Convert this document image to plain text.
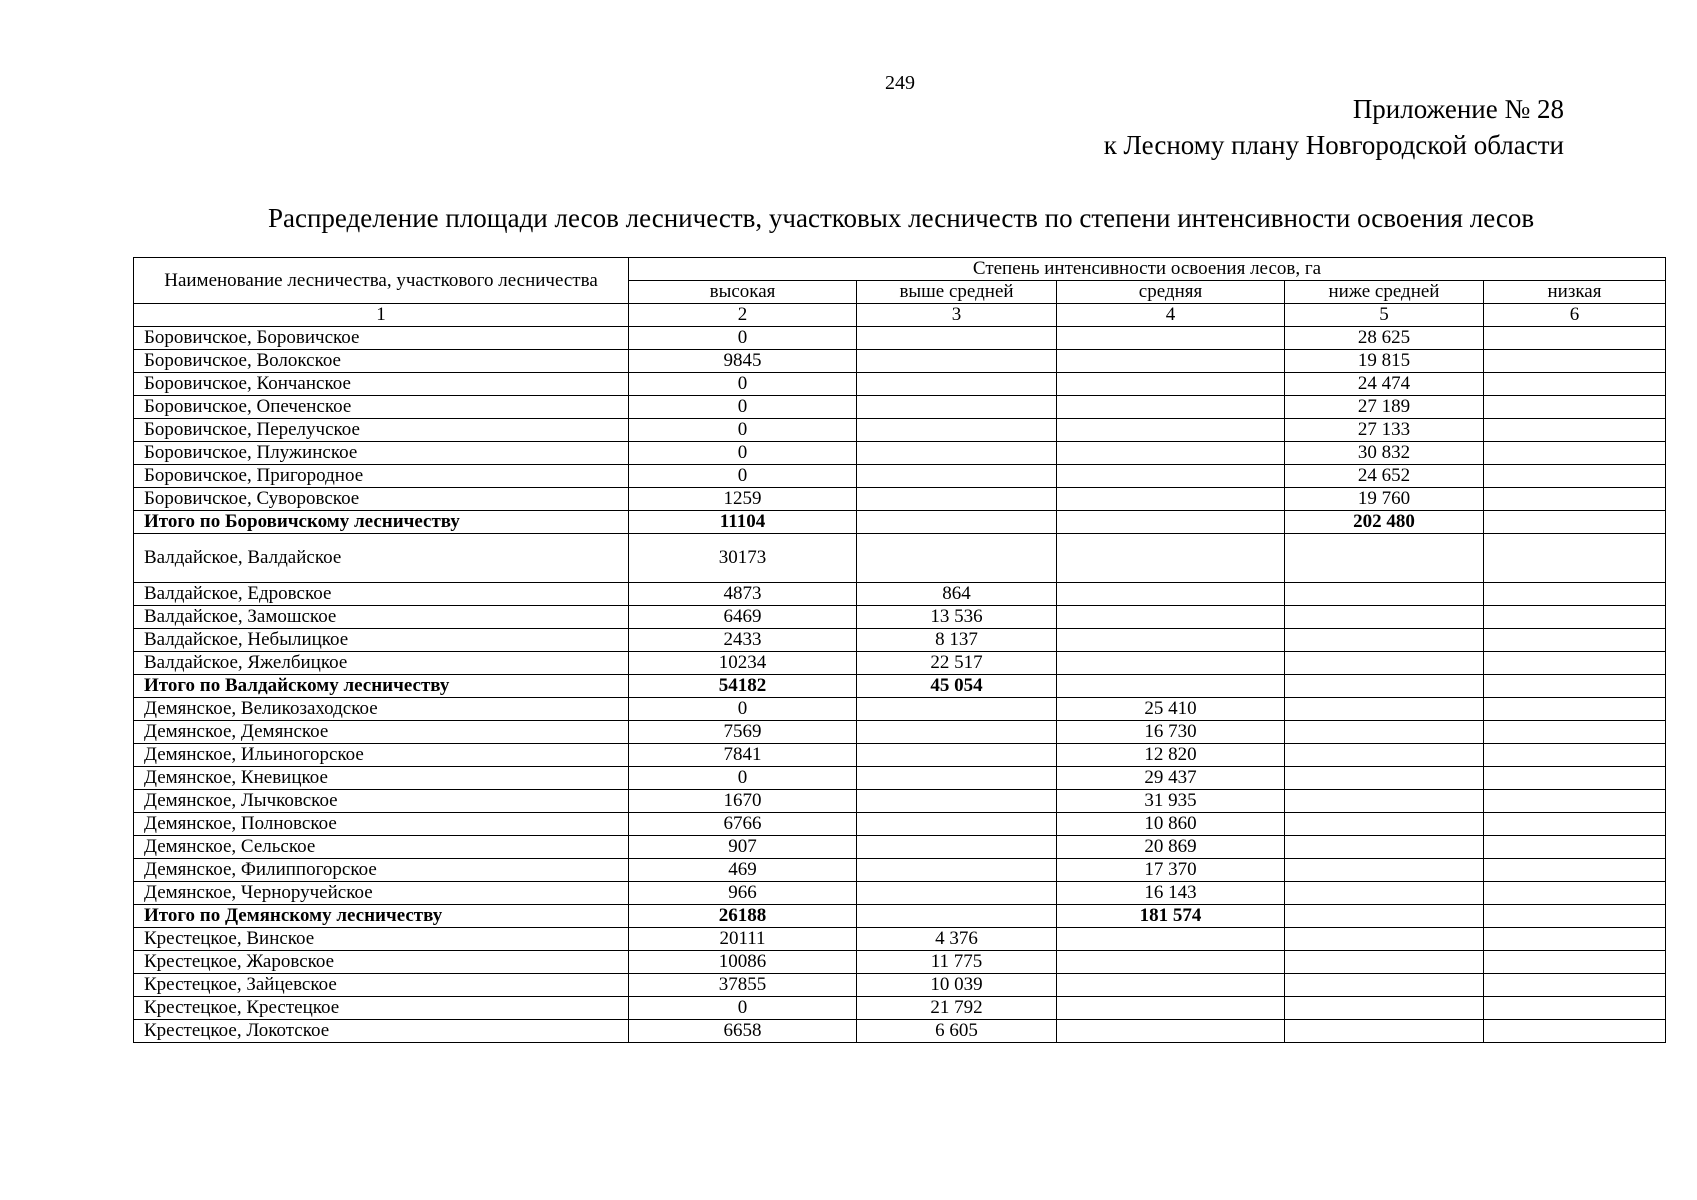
249
Приложение № 28
к Лесному плану Новгородской области
Распределение площади лесов лесничеств, участковых лесничеств по степени интенсивности освоения лесов
Наименование лесничества, участкового лесничества	Степень интенсивности освоения лесов, га				
	высокая	выше средней	средняя	ниже средней	низкая
1	2	3	4	5	6
Боровичское, Боровичское	0			28 625	
Боровичское, Волокское	9845			19 815	
Боровичское, Кончанское	0			24 474	
Боровичское, Опеченское	0			27 189	
Боровичское, Перелучское	0			27 133	
Боровичское, Плужинское	0			30 832	
Боровичское, Пригородное	0			24 652	
Боровичское, Суворовское	1259			19 760	
Итого по Боровичскому лесничеству	11104			202 480	
Валдайское, Валдайское	30173				
Валдайское, Едровское	4873	864			
Валдайское, Замошское	6469	13 536			
Валдайское, Небылицкое	2433	8 137			
Валдайское, Яжелбицкое	10234	22 517			
Итого по Валдайскому лесничеству	54182	45 054			
Демянское, Великозаходское	0		25 410		
Демянское, Демянское	7569		16 730		
Демянское, Ильиногорское	7841		12 820		
Демянское, Кневицкое	0		29 437		
Демянское, Лычковское	1670		31 935		
Демянское, Полновское	6766		10 860		
Демянское, Сельское	907		20 869		
Демянское, Филиппогорское	469		17 370		
Демянское, Черноручейское	966		16 143		
Итого по Демянскому лесничеству	26188		181 574		
Крестецкое, Винское	20111	4 376			
Крестецкое, Жаровское	10086	11 775			
Крестецкое, Зайцевское	37855	10 039			
Крестецкое, Крестецкое	0	21 792			
Крестецкое, Локотское	6658	6 605			
